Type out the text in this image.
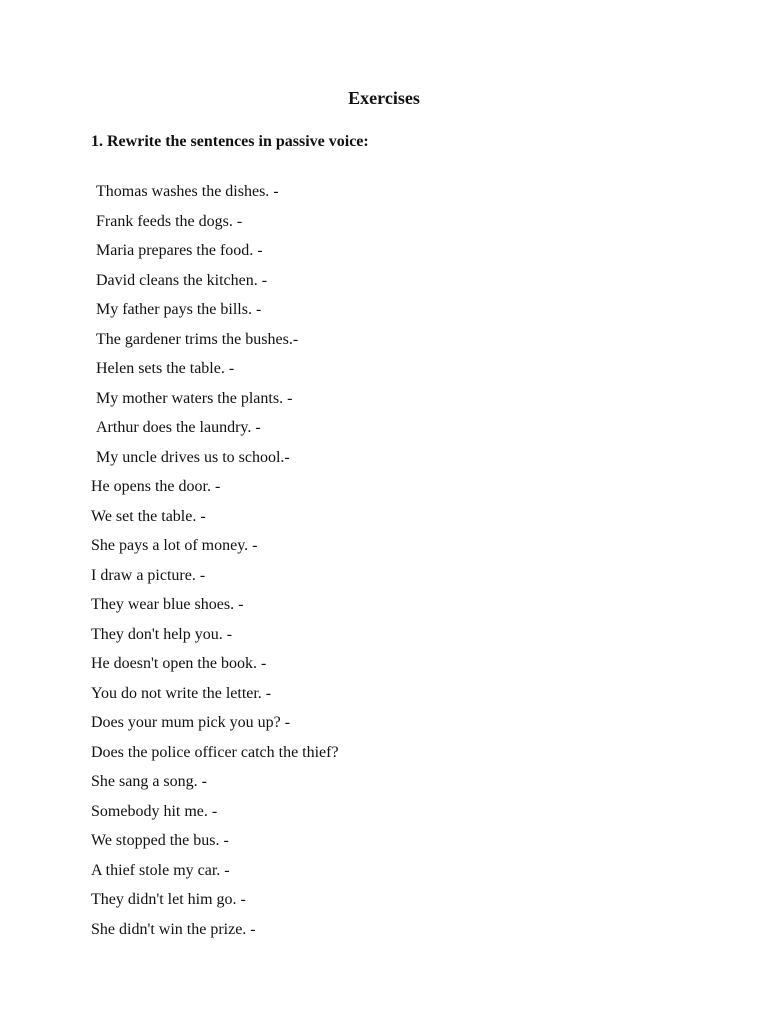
Exercises
1. Rewrite the sentences in passive voice:
Thomas washes the dishes. -
Frank feeds the dogs. -
Maria prepares the food. -
David cleans the kitchen. -
My father pays the bills. -
The gardener trims the bushes.-
Helen sets the table. -
My mother waters the plants. -
Arthur does the laundry. -
My uncle drives us to school.-
He opens the door. -
We set the table. -
She pays a lot of money. -
I draw a picture. -
They wear blue shoes. -
They don't help you. -
He doesn't open the book. -
You do not write the letter. -
Does your mum pick you up? -
Does the police officer catch the thief?
She sang a song. -
Somebody hit me. -
We stopped the bus. -
A thief stole my car. -
They didn't let him go. -
She didn't win the prize. -
